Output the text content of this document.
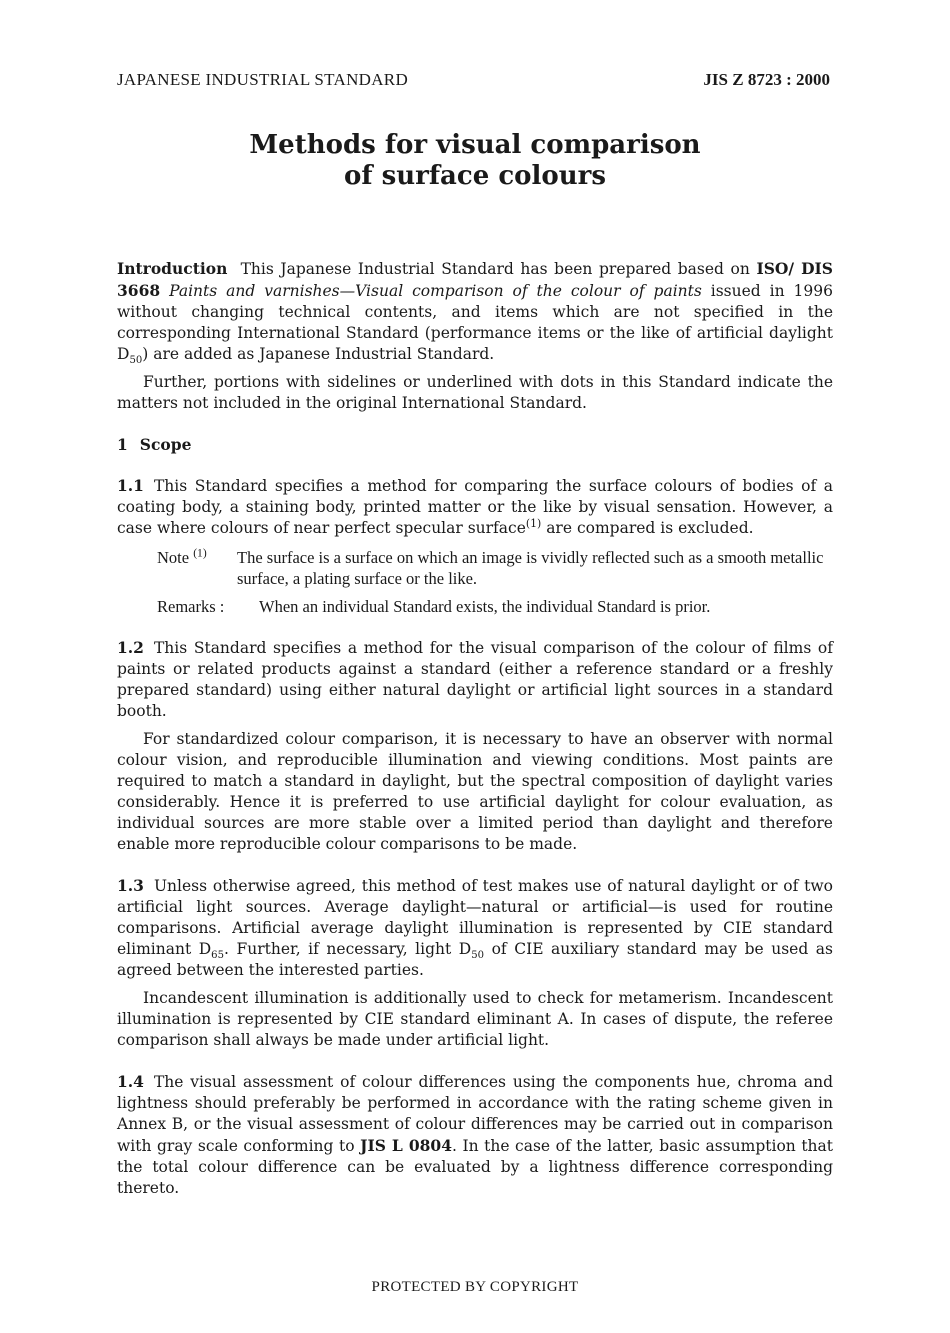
JAPANESE INDUSTRIAL STANDARD	JIS Z 8723 : 2000
Methods for visual comparison
of surface colours

Introduction This Japanese Industrial Standard has been prepared based on ISO/ DIS 3668 Paints and varnishes—Visual comparison of the colour of paints issued in 1996 without changing technical contents, and items which are not specified in the corresponding International Standard (performance items or the like of artificial daylight $D_{50}$) are added as Japanese Industrial Standard.

Further, portions with sidelines or underlined with dots in this Standard indicate the matters not included in the original International Standard.

1 Scope

1.1 This Standard specifies a method for comparing the surface colours of bodies of a coating body, a staining body, printed matter or the like by visual sensation. However, a case where colours of near perfect specular surface$^{(1)}$ are compared is excluded.

Note $^{(1)}$	The surface is a surface on which an image is vividly reflected such as a smooth metallic surface, a plating surface or the like.
Remarks :	When an individual Standard exists, the individual Standard is prior.

1.2 This Standard specifies a method for the visual comparison of the colour of films of paints or related products against a standard (either a reference standard or a freshly prepared standard) using either natural daylight or artificial light sources in a standard booth.

For standardized colour comparison, it is necessary to have an observer with normal colour vision, and reproducible illumination and viewing conditions. Most paints are required to match a standard in daylight, but the spectral composition of daylight varies considerably. Hence it is preferred to use artificial daylight for colour evaluation, as individual sources are more stable over a limited period than daylight and therefore enable more reproducible colour comparisons to be made.

1.3 Unless otherwise agreed, this method of test makes use of natural daylight or of two artificial light sources. Average daylight—natural or artificial—is used for routine comparisons. Artificial average daylight illumination is represented by CIE standard eliminant $D_{65}$. Further, if necessary, light $D_{50}$ of CIE auxiliary standard may be used as agreed between the interested parties.

Incandescent illumination is additionally used to check for metamerism. Incandescent illumination is represented by CIE standard eliminant A. In cases of dispute, the referee comparison shall always be made under artificial light.

1.4 The visual assessment of colour differences using the components hue, chroma and lightness should preferably be performed in accordance with the rating scheme given in Annex B, or the visual assessment of colour differences may be carried out in comparison with gray scale conforming to JIS L 0804. In the case of the latter, basic assumption that the total colour difference can be evaluated by a lightness difference corresponding thereto.

PROTECTED BY COPYRIGHT
